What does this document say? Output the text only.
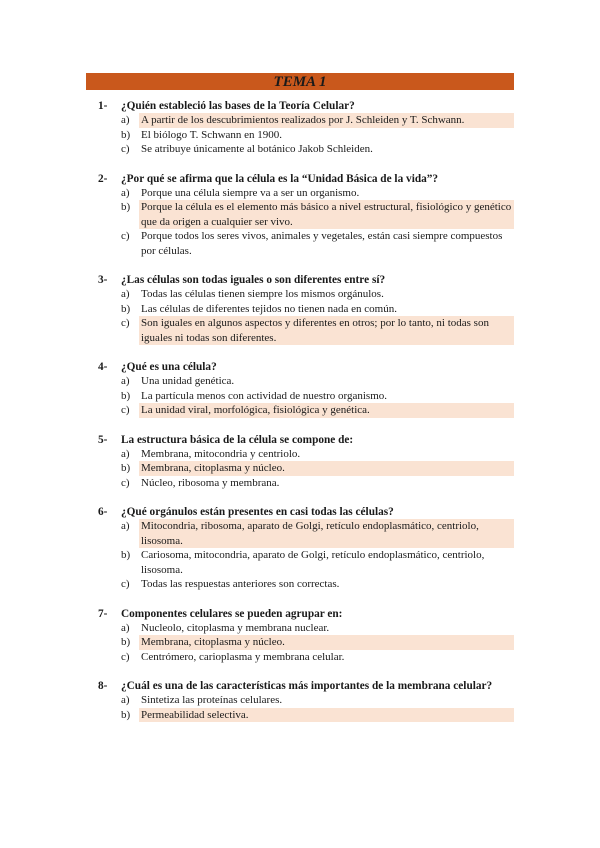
TEMA 1
1-	¿Quién estableció las bases de la Teoría Celular?
a)	A partir de los descubrimientos realizados por J. Schleiden y T. Schwann.
b) El biólogo T. Schwann en 1900.
c)	Se atribuye únicamente al botánico Jakob Schleiden.
2-	¿Por qué se afirma que la célula es la “Unidad Básica de la vida”?
a)	Porque una célula siempre va a ser un organismo.
b) Porque la célula es el elemento más básico a nivel estructural, fisiológico y genético que da origen a cualquier ser vivo.
c)	Porque todos los seres vivos, animales y vegetales, están casi siempre compuestos por células.
3-	¿Las células son todas iguales o son diferentes entre sí?
a)	Todas las células tienen siempre los mismos orgánulos.
b) Las células de diferentes tejidos no tienen nada en común.
c)	Son iguales en algunos aspectos y diferentes en otros; por lo tanto, ni todas son iguales ni todas son diferentes.
4-	¿Qué es una célula?
a)	Una unidad genética.
b) La partícula menos con actividad de nuestro organismo.
c)	La unidad viral, morfológica, fisiológica y genética.
5-	La estructura básica de la célula se compone de:
a)	Membrana, mitocondria y centriolo.
b) Membrana, citoplasma y núcleo.
c)	Núcleo, ribosoma y membrana.
6-	¿Qué orgánulos están presentes en casi todas las células?
a)	Mitocondria, ribosoma, aparato de Golgi, retículo endoplasmático, centriolo, lisosoma.
b) Cariosoma, mitocondria, aparato de Golgi, retículo endoplasmático, centriolo, lisosoma.
c)	Todas las respuestas anteriores son correctas.
7-	Componentes celulares se pueden agrupar en:
a)	Nucleolo, citoplasma y membrana nuclear.
b) Membrana, citoplasma y núcleo.
c)	Centrómero, carioplasma y membrana celular.
8-	¿Cuál es una de las características más importantes de la membrana celular?
a)	Sintetiza las proteínas celulares.
b) Permeabilidad selectiva.
